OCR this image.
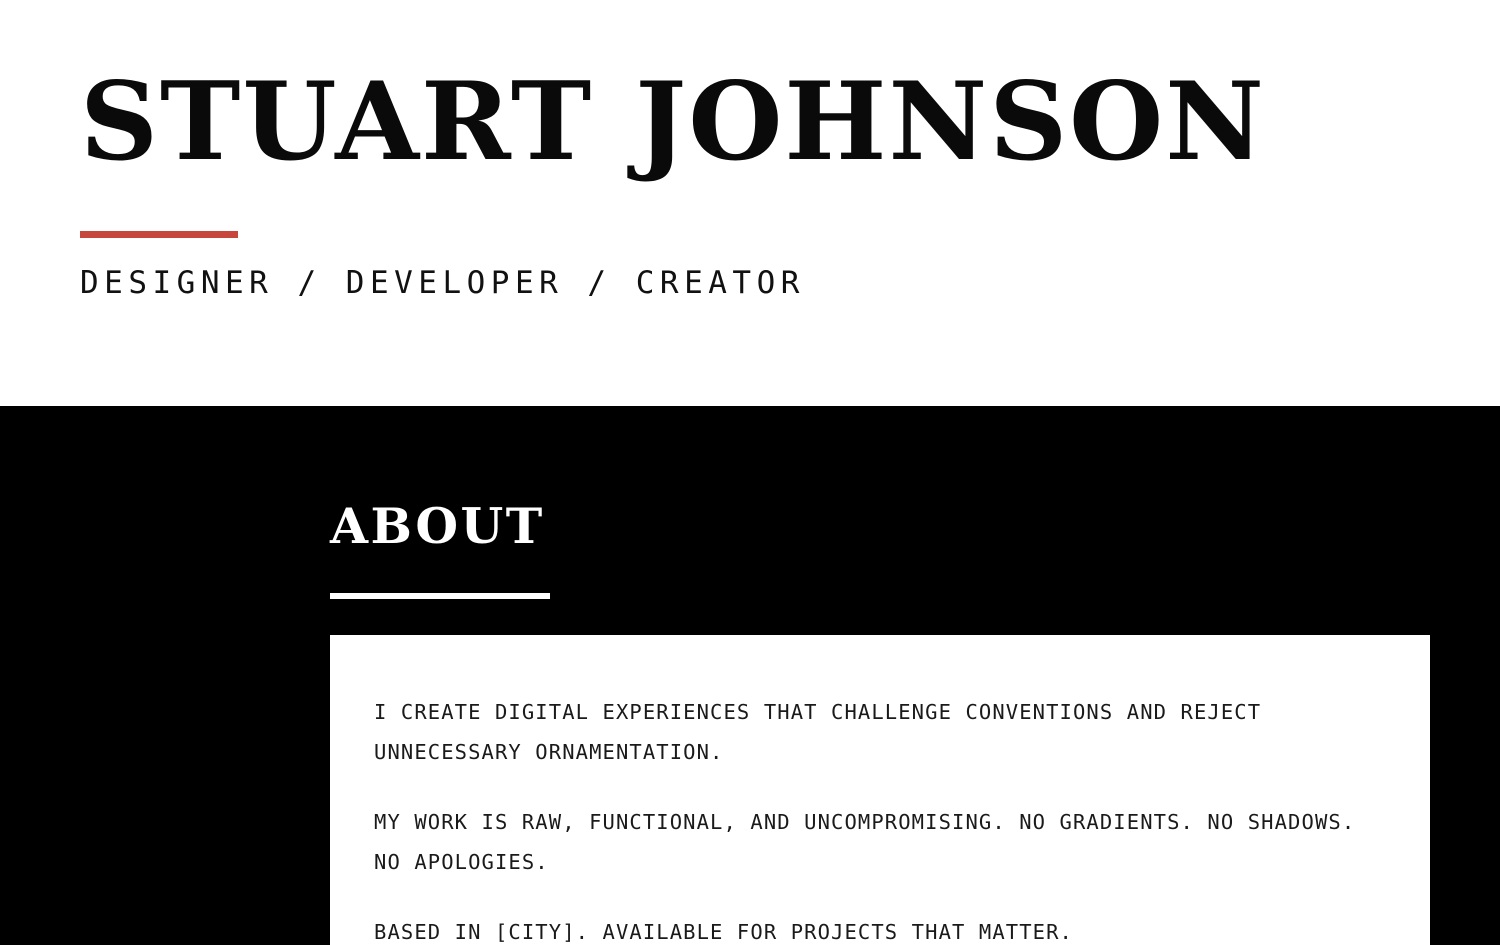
STUART JOHNSON
DESIGNER / DEVELOPER / CREATOR
ABOUT

I CREATE DIGITAL EXPERIENCES THAT CHALLENGE CONVENTIONS AND REJECT UNNECESSARY ORNAMENTATION.

MY WORK IS RAW, FUNCTIONAL, AND UNCOMPROMISING. NO GRADIENTS. NO SHADOWS. NO APOLOGIES.

BASED IN [CITY]. AVAILABLE FOR PROJECTS THAT MATTER.
